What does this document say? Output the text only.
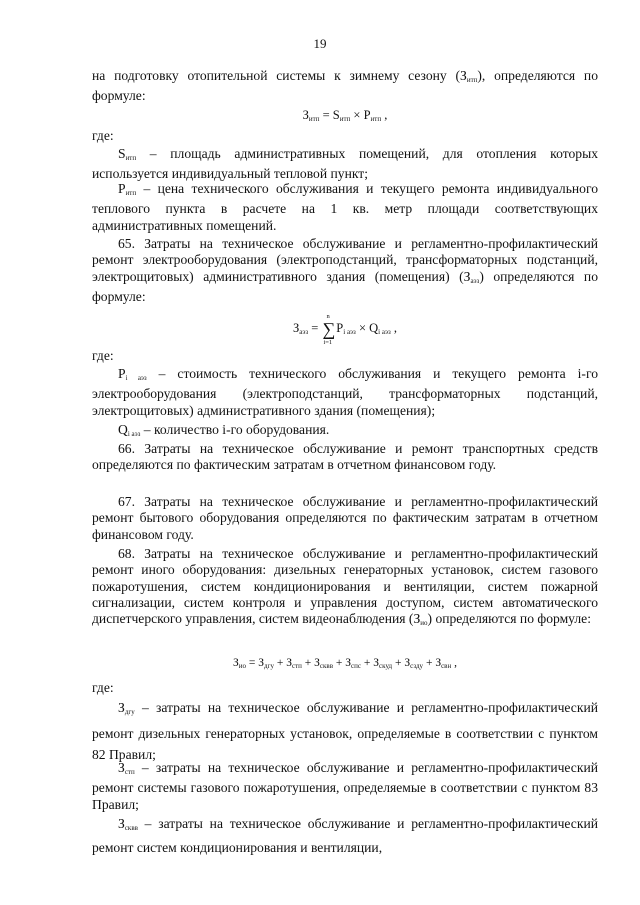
19
на подготовку отопительной системы к зимнему сезону $(З_{итп})$, определяются по формуле:
$З_{итп} = S_{итп} \times P_{итп}$ ,
где:
$S_{итп}$ – площадь административных помещений, для отопления которых используется индивидуальный тепловой пункт;
$P_{итп}$ – цена технического обслуживания и текущего ремонта индивидуального теплового пункта в расчете на 1 кв. метр площади соответствующих административных помещений.
65. Затраты на техническое обслуживание и регламентно-профилактический ремонт электрооборудования (электроподстанций, трансформаторных подстанций, электрощитовых) административного здания (помещения) $(З_{аэз})$ определяются по формуле:
$З_{аэз}$ = ∑
n
i=1
$P_{i аэз} \times Q_{i аэз}$ ,
где:
$P_{i аэз}$ – стоимость технического обслуживания и текущего ремонта i-го электрооборудования (электроподстанций, трансформаторных подстанций, электрощитовых) административного здания (помещения);
$Q_{i аэз}$ – количество i-го оборудования.
66. Затраты на техническое обслуживание и ремонт транспортных средств определяются по фактическим затратам в отчетном финансовом году.
67. Затраты на техническое обслуживание и регламентно-профилактический ремонт бытового оборудования определяются по фактическим затратам в отчетном финансовом году.
68. Затраты на техническое обслуживание и регламентно-профилактический ремонт иного оборудования: дизельных генераторных установок, систем газового пожаротушения, систем кондиционирования и вентиляции, систем пожарной сигнализации, систем контроля и управления доступом, систем автоматического диспетчерского управления, систем видеонаблюдения $(З_{ио})$ определяются по формуле:
$З_{ио} = З_{дгу} + З_{стп} + З_{сквв} + З_{спс} + З_{скуд} + З_{сзду} + З_{свн}$ ,
где:
$З_{дгу}$ – затраты на техническое обслуживание и регламентно-профилактический ремонт дизельных генераторных установок, определяемые в соответствии с пунктом 82 Правил;
$З_{стп}$ – затраты на техническое обслуживание и регламентно-профилактический ремонт системы газового пожаротушения, определяемые в соответствии с пунктом 83 Правил;
$З_{сквв}$ – затраты на техническое обслуживание и регламентно-профилактический ремонт систем кондиционирования и вентиляции,
